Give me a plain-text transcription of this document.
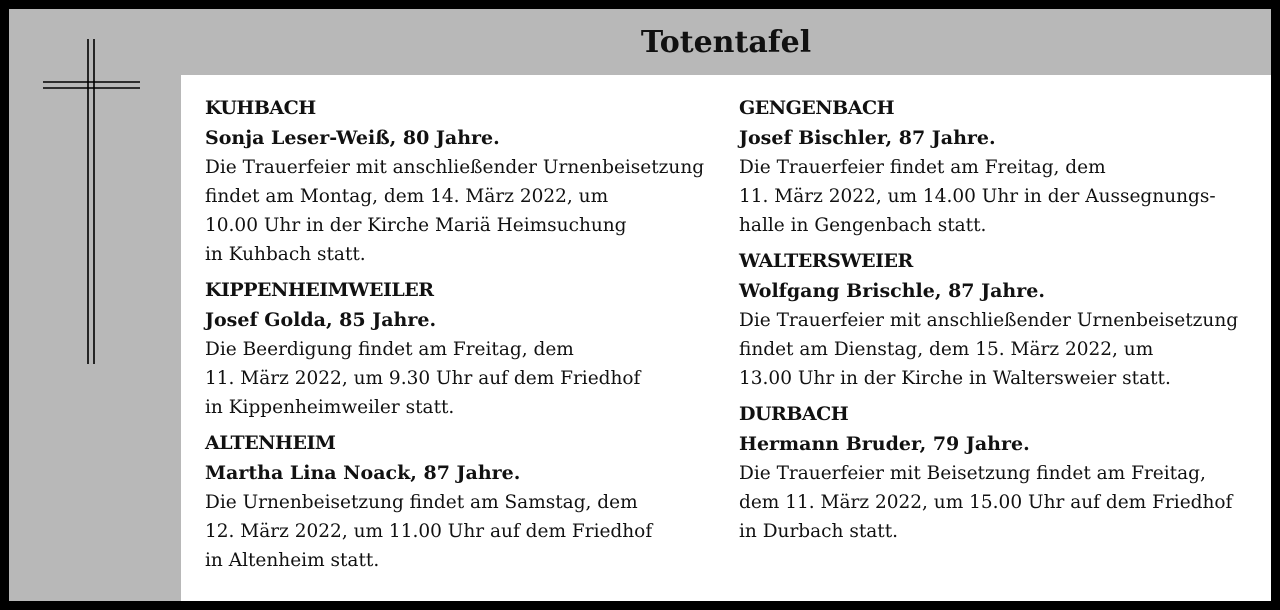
Totentafel
KUHBACH
Sonja Leser-Weiß, 80 Jahre.
Die Trauerfeier mit anschließender Urnenbeisetzung
findet am Montag, dem 14. März 2022, um
10.00 Uhr in der Kirche Mariä Heimsuchung
in Kuhbach statt.
KIPPENHEIMWEILER
Josef Golda, 85 Jahre.
Die Beerdigung findet am Freitag, dem
11. März 2022, um 9.30 Uhr auf dem Friedhof
in Kippenheimweiler statt.
ALTENHEIM
Martha Lina Noack, 87 Jahre.
Die Urnenbeisetzung findet am Samstag, dem
12. März 2022, um 11.00 Uhr auf dem Friedhof
in Altenheim statt.
GENGENBACH
Josef Bischler, 87 Jahre.
Die Trauerfeier findet am Freitag, dem
11. März 2022, um 14.00 Uhr in der Aussegnungs-
halle in Gengenbach statt.
WALTERSWEIER
Wolfgang Brischle, 87 Jahre.
Die Trauerfeier mit anschließender Urnenbeisetzung
findet am Dienstag, dem 15. März 2022, um
13.00 Uhr in der Kirche in Waltersweier statt.
DURBACH
Hermann Bruder, 79 Jahre.
Die Trauerfeier mit Beisetzung findet am Freitag,
dem 11. März 2022, um 15.00 Uhr auf dem Friedhof
in Durbach statt.
